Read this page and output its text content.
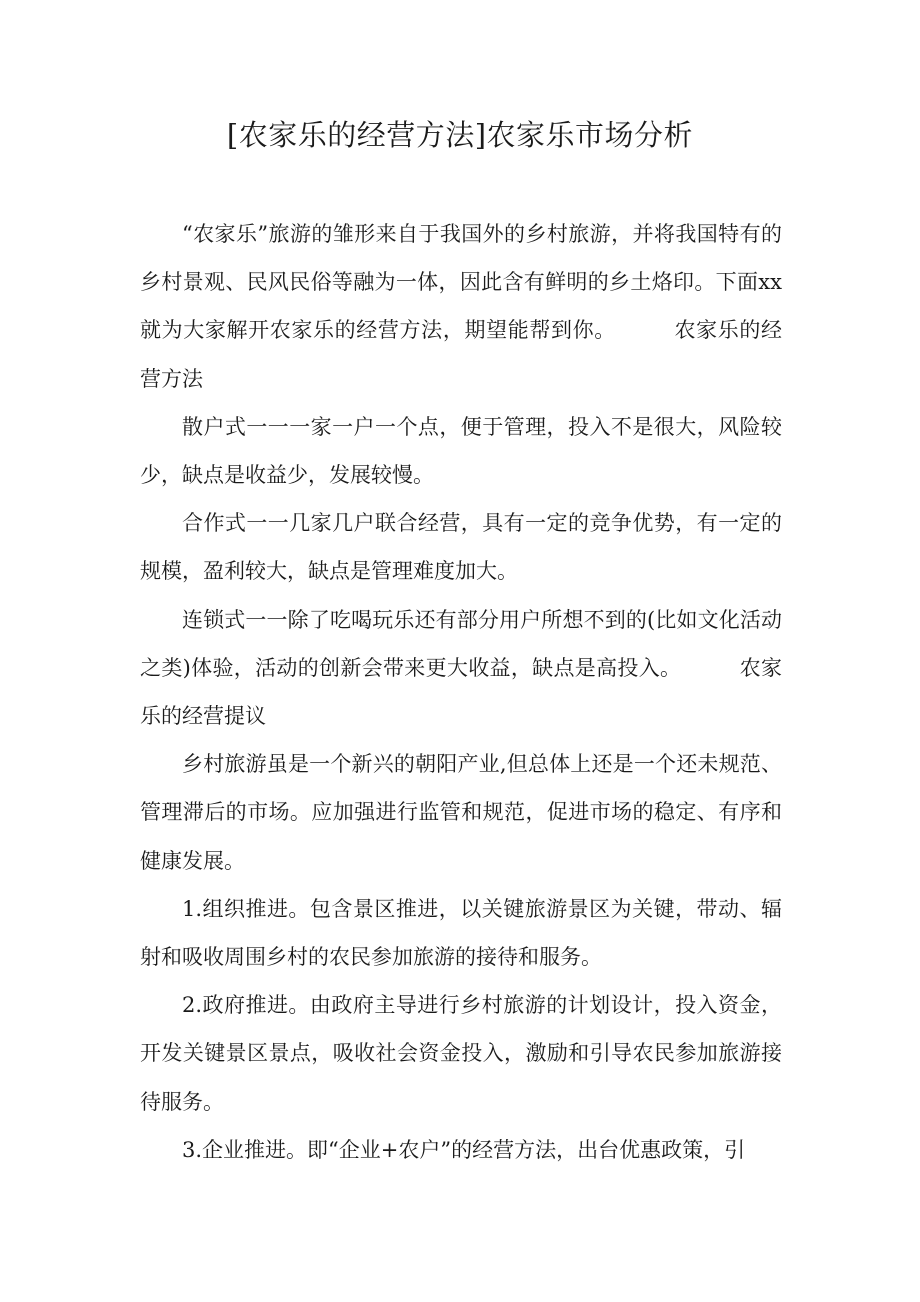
[农家乐的经营方法]农家乐市场分析

“农家乐”旅游的雏形来自于我国外的乡村旅游，并将我国特有的乡村景观、民风民俗等融为一体，因此含有鲜明的乡土烙印。下面xx就为大家解开农家乐的经营方法，期望能帮到你。	农家乐的经营方法

散户式一一一家一户一个点，便于管理，投入不是很大，风险较少，缺点是收益少，发展较慢。

合作式一一几家几户联合经营，具有一定的竞争优势，有一定的规模，盈利较大，缺点是管理难度加大。

连锁式一一除了吃喝玩乐还有部分用户所想不到的(比如文化活动之类)体验，活动的创新会带来更大收益，缺点是高投入。	农家乐的经营提议

乡村旅游虽是一个新兴的朝阳产业,但总体上还是一个还未规范、管理滞后的市场。应加强进行监管和规范，促进市场的稳定、有序和健康发展。

1.组织推进。包含景区推进，以关键旅游景区为关键，带动、辐射和吸收周围乡村的农民参加旅游的接待和服务。

2.政府推进。由政府主导进行乡村旅游的计划设计，投入资金，开发关键景区景点，吸收社会资金投入，激励和引导农民参加旅游接待服务。

3.企业推进。即“企业+农户”的经营方法，出台优惠政策，引
